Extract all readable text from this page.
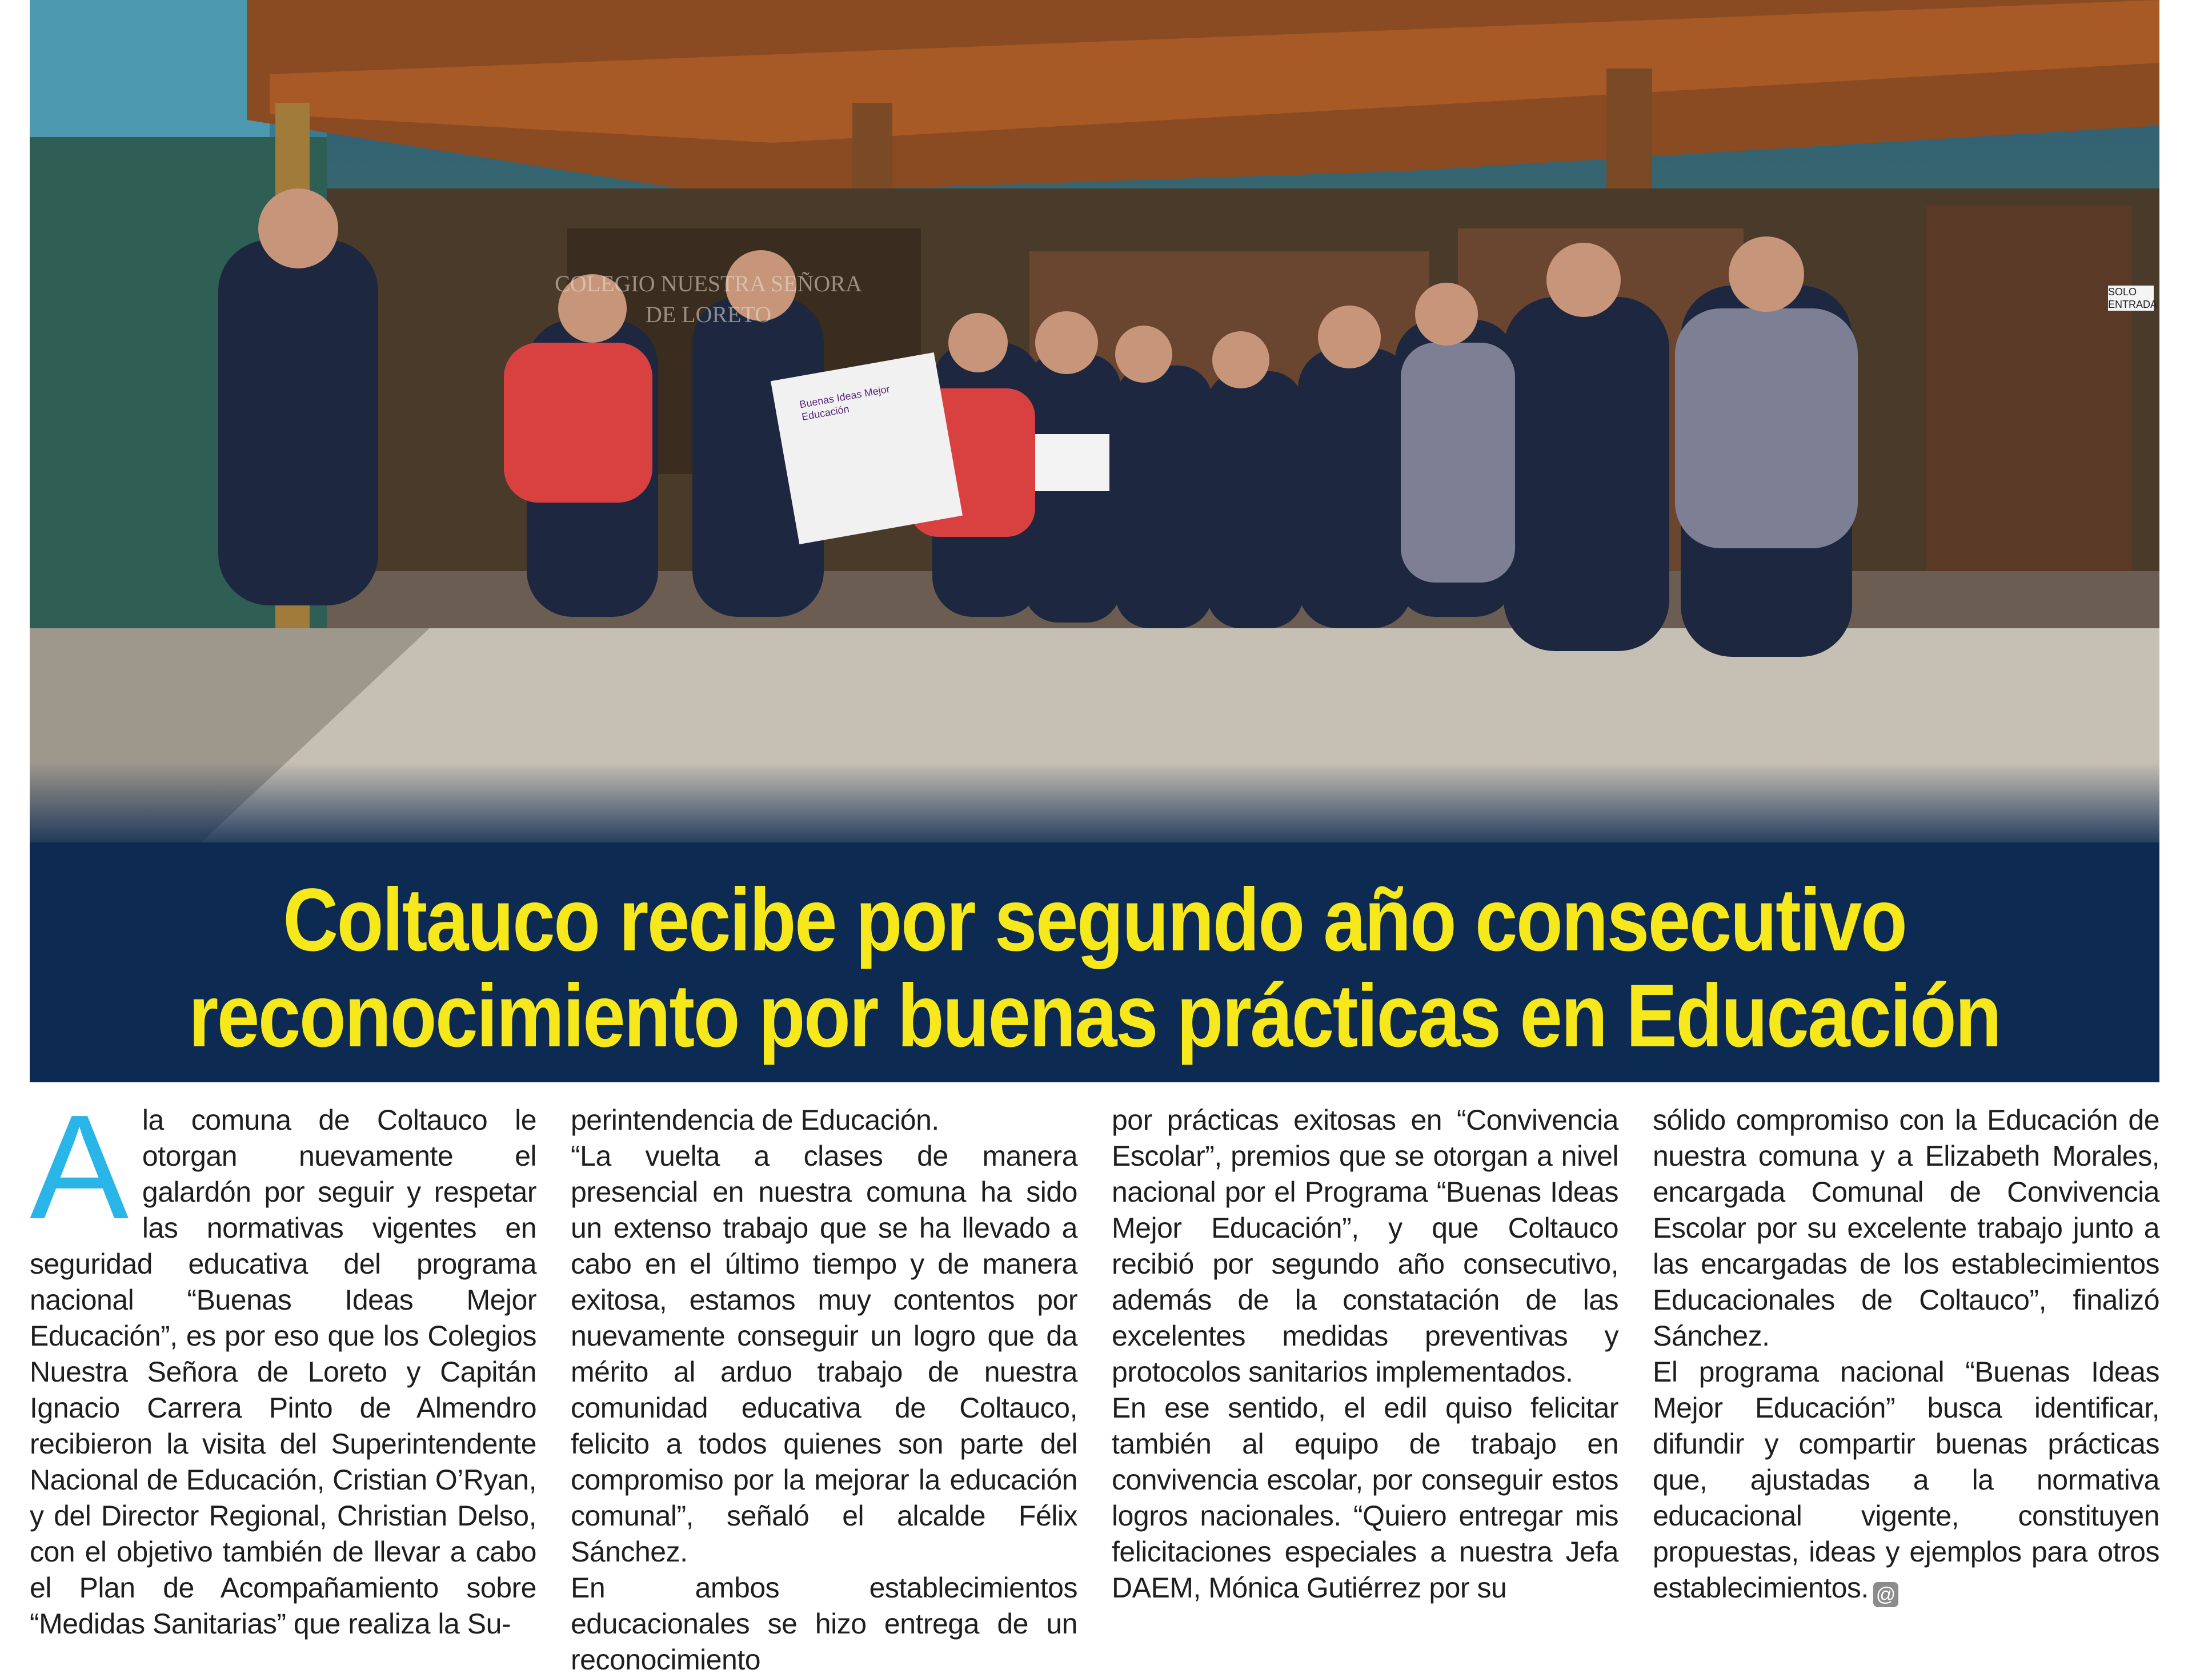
Coltauco recibe por segundo año consecutivo
reconocimiento por buenas prácticas en Educación
A la comuna de Coltauco le otorgan nuevamente el galardón por seguir y respetar las normativas vigentes en seguridad educativa del programa nacional “Buenas Ideas Mejor Educación”, es por eso que los Colegios Nuestra Señora de Loreto y Capitán Ignacio Carrera Pinto de Almendro recibieron la visita del Superintendente Nacional de Educación, Cristian O’Ryan, y del Director Regional, Christian Delso, con el objetivo también de llevar a cabo el Plan de Acompañamiento sobre “Medidas Sanitarias” que realiza la Su-

perintendencia de Educación.

“La vuelta a clases de manera presencial en nuestra comuna ha sido un extenso trabajo que se ha llevado a cabo en el último tiempo y de manera exitosa, estamos muy contentos por nuevamente conseguir un logro que da mérito al arduo trabajo de nuestra comunidad educativa de Coltauco, felicito a todos quienes son parte del compromiso por la mejorar la educación comunal”, señaló el alcalde Félix Sánchez.

En ambos establecimientos educacionales se hizo entrega de un reconocimiento

por prácticas exitosas en “Convivencia Escolar”, premios que se otorgan a nivel nacional por el Programa “Buenas Ideas Mejor Educación”, y que Coltauco recibió por segundo año consecutivo, además de la constatación de las excelentes medidas preventivas y protocolos sanitarios implementados.

En ese sentido, el edil quiso felicitar también al equipo de trabajo en convivencia escolar, por conseguir estos logros nacionales. “Quiero entregar mis felicitaciones especiales a nuestra Jefa DAEM, Mónica Gutiérrez por su

sólido compromiso con la Educación de nuestra comuna y a Elizabeth Morales, encargada Comunal de Convivencia Escolar por su excelente trabajo junto a las encargadas de los establecimientos Educacionales de Coltauco”, finalizó Sánchez.

El programa nacional “Buenas Ideas Mejor Educación” busca identificar, difundir y compartir buenas prácticas que, ajustadas a la normativa educacional vigente, constituyen propuestas, ideas y ejemplos para otros establecimientos. @

COLEGIO NUESTRA SEÑORA DE LORETO
SOLO ENTRADA
Buenas Ideas Mejor Educación
